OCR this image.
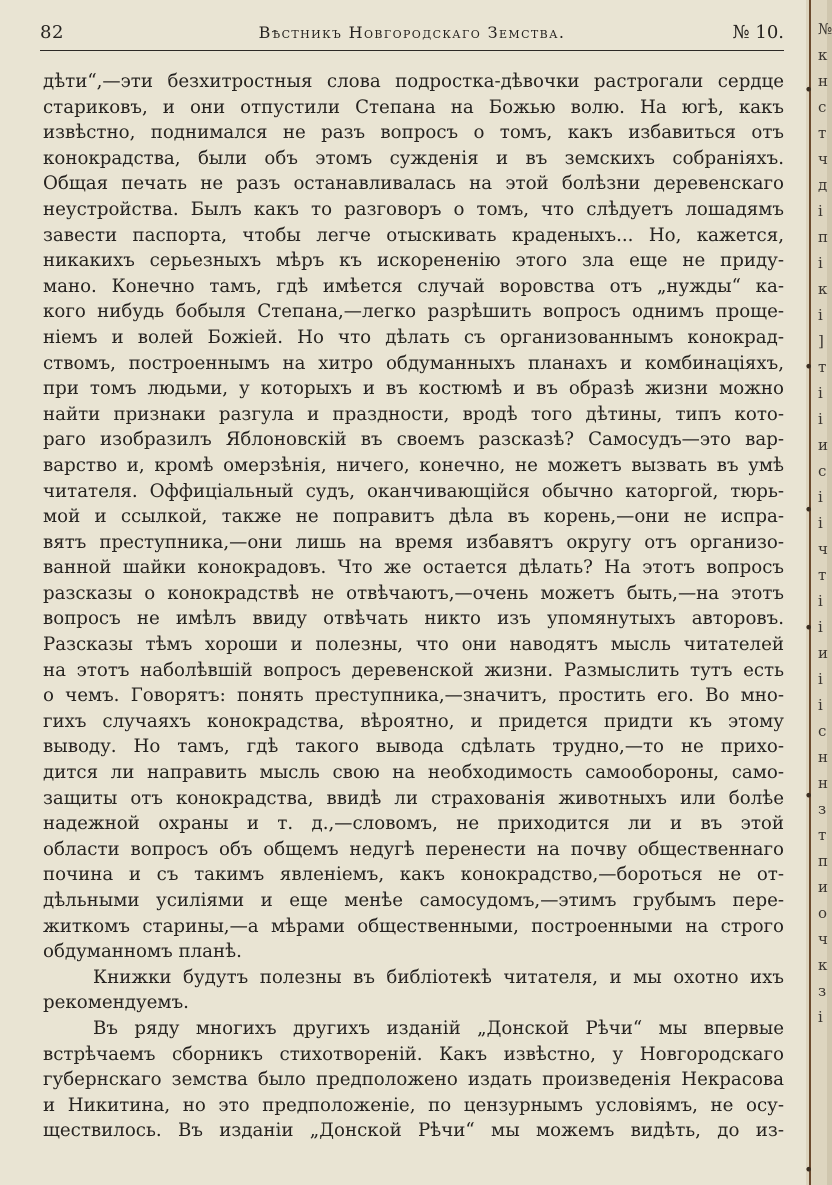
82	Вѣстникъ Новгородскаго Земства.	№ 10.
дѣти“,—эти безхитростныя слова подростка-дѣвочки растрогали сердце
стариковъ, и они отпустили Степана на Божью волю. На югѣ, какъ
извѣстно, поднимался не разъ вопросъ о томъ, какъ избавиться отъ
конокрадства, были объ этомъ сужденія и въ земскихъ собраніяхъ.
Общая печать не разъ останавливалась на этой болѣзни деревенскаго
неустройства. Былъ какъ то разговоръ о томъ, что слѣдуетъ лошадямъ
завести паспорта, чтобы легче отыскивать краденыхъ... Но, кажется,
никакихъ серьезныхъ мѣръ къ искорененію этого зла еще не приду-
мано. Конечно тамъ, гдѣ имѣется случай воровства отъ „нужды“ ка-
кого нибудь бобыля Степана,—легко разрѣшить вопросъ однимъ проще-
ніемъ и волей Божіей. Но что дѣлать съ организованнымъ конокрад-
ствомъ, построеннымъ на хитро обдуманныхъ планахъ и комбинаціяхъ,
при томъ людьми, у которыхъ и въ костюмѣ и въ образѣ жизни можно
найти признаки разгула и праздности, вродѣ того дѣтины, типъ кото-
раго изобразилъ Яблоновскій въ своемъ разсказѣ? Самосудъ—это вар-
варство и, кромѣ омерзѣнія, ничего, конечно, не можетъ вызвать въ умѣ
читателя. Оффиціальный судъ, оканчивающійся обычно каторгой, тюрь-
мой и ссылкой, также не поправитъ дѣла въ корень,—они не испра-
вятъ преступника,—они лишь на время избавятъ округу отъ организо-
ванной шайки конокрадовъ. Что же остается дѣлать? На этотъ вопросъ
разсказы о конокрадствѣ не отвѣчаютъ,—очень можетъ быть,—на этотъ
вопросъ не имѣлъ ввиду отвѣчать никто изъ упомянутыхъ авторовъ.
Разсказы тѣмъ хороши и полезны, что они наводятъ мысль читателей
на этотъ наболѣвшій вопросъ деревенской жизни. Размыслить тутъ есть
о чемъ. Говорятъ: понять преступника,—значитъ, простить его. Во мно-
гихъ случаяхъ конокрадства, вѣроятно, и придется придти къ этому
выводу. Но тамъ, гдѣ такого вывода сдѣлать трудно,—то не прихо-
дится ли направить мысль свою на необходимость самообороны, само-
защиты отъ конокрадства, ввидѣ ли страхованія животныхъ или болѣе
надежной охраны и т. д.,—словомъ, не приходится ли и въ этой
области вопросъ объ общемъ недугѣ перенести на почву общественнаго
почина и съ такимъ явленіемъ, какъ конокрадство,—бороться не от-
дѣльными усиліями и еще менѣе самосудомъ,—этимъ грубымъ пере-
житкомъ старины,—а мѣрами общественными, построенными на строго
обдуманномъ планѣ.
Книжки будутъ полезны въ библіотекѣ читателя, и мы охотно ихъ
рекомендуемъ.
Въ ряду многихъ другихъ изданій „Донской Рѣчи“ мы впервые
встрѣчаемъ сборникъ стихотвореній. Какъ извѣстно, у Новгородскаго
губернскаго земства было предположено издать произведенія Некрасова
и Никитина, но это предположеніе, по цензурнымъ условіямъ, не осу-
ществилось. Въ изданіи „Донской Рѣчи“ мы можемъ видѣть, до из-
•
•
•
•
•
•
№
к
н
с
т
ч
д
і
п
і
к
і
]
т
і
і
и
с
і
і
ч
т
і
і
и
і
і
с
н
н
з
т
п
и
о
ч
к
з
і
